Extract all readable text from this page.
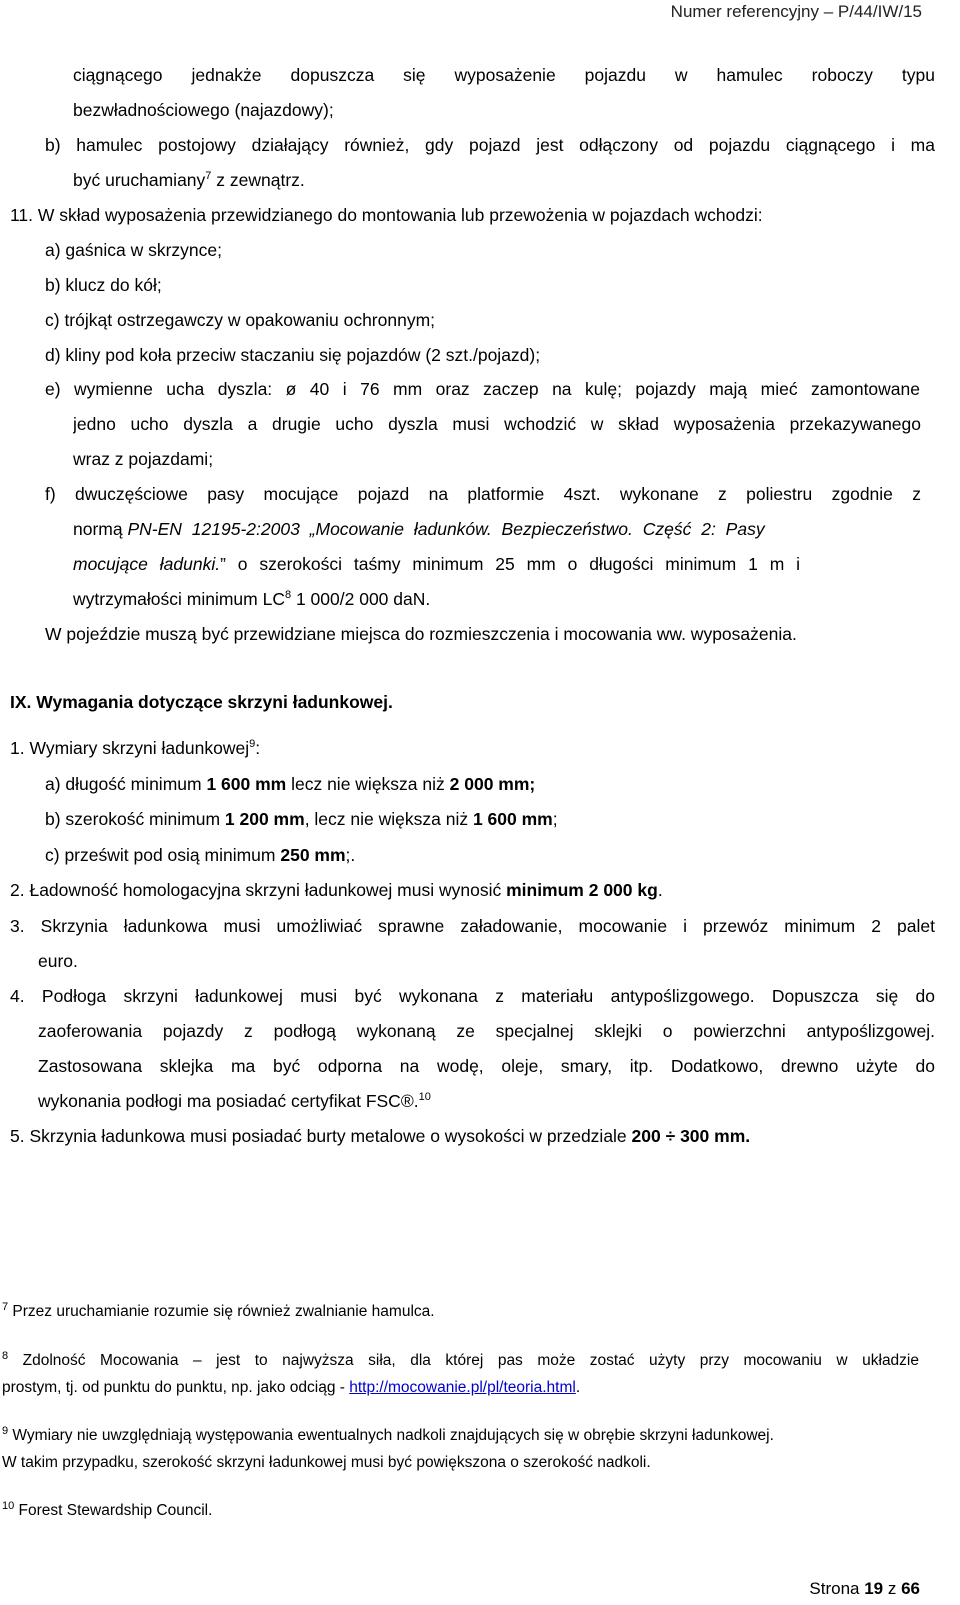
Numer referencyjny – P/44/IW/15
ciągnącego jednakże dopuszcza się wyposażenie pojazdu w hamulec roboczy typu
bezwładnościowego (najazdowy);
b) hamulec postojowy działający również, gdy pojazd jest odłączony od pojazdu ciągnącego i ma
być uruchamiany$^7$ z zewnątrz.
11. W skład wyposażenia przewidzianego do montowania lub przewożenia w pojazdach wchodzi:
a) gaśnica w skrzynce;
b) klucz do kół;
c) trójkąt ostrzegawczy w opakowaniu ochronnym;
d) kliny pod koła przeciw staczaniu się pojazdów (2 szt./pojazd);
e) wymienne ucha dyszla: ø 40 i 76 mm oraz zaczep na kulę; pojazdy mają mieć zamontowane
jedno ucho dyszla a drugie ucho dyszla musi wchodzić w skład wyposażenia przekazywanego
wraz z pojazdami;
f) dwuczęściowe pasy mocujące pojazd na platformie 4szt. wykonane z poliestru zgodnie z
normą PN-EN 12195-2:2003 „Mocowanie ładunków. Bezpieczeństwo. Część 2: Pasy
mocujące ładunki.” o szerokości taśmy minimum 25 mm o długości minimum 1 m i
wytrzymałości minimum $LC^8$ 1 000/2 000 daN.
W pojeździe muszą być przewidziane miejsca do rozmieszczenia i mocowania ww. wyposażenia.
IX. Wymagania dotyczące skrzyni ładunkowej.
1. Wymiary skrzyni ładunkowej$^9$:
a) długość minimum 1 600 mm lecz nie większa niż 2 000 mm;
b) szerokość minimum 1 200 mm, lecz nie większa niż 1 600 mm;
c) prześwit pod osią minimum 250 mm;.
2. Ładowność homologacyjna skrzyni ładunkowej musi wynosić minimum 2 000 kg.
3. Skrzynia ładunkowa musi umożliwiać sprawne załadowanie, mocowanie i przewóz minimum 2 palet
euro.
4. Podłoga skrzyni ładunkowej musi być wykonana z materiału antypoślizgowego. Dopuszcza się do
zaoferowania pojazdy z podłogą wykonaną ze specjalnej sklejki o powierzchni antypoślizgowej.
Zastosowana sklejka ma być odporna na wodę, oleje, smary, itp. Dodatkowo, drewno użyte do
wykonania podłogi ma posiadać certyfikat FSC®.$^{10}$
5. Skrzynia ładunkowa musi posiadać burty metalowe o wysokości w przedziale 200 ÷ 300 mm.
$^7$ Przez uruchamianie rozumie się również zwalnianie hamulca.
$^8$ Zdolność Mocowania – jest to najwyższa siła, dla której pas może zostać użyty przy mocowaniu w układzie
prostym, tj. od punktu do punktu, np. jako odciąg - http://mocowanie.pl/pl/teoria.html.
$^9$ Wymiary nie uwzględniają występowania ewentualnych nadkoli znajdujących się w obrębie skrzyni ładunkowej.
W takim przypadku, szerokość skrzyni ładunkowej musi być powiększona o szerokość nadkoli.
$^{10}$ Forest Stewardship Council.
Strona 19 z 66
